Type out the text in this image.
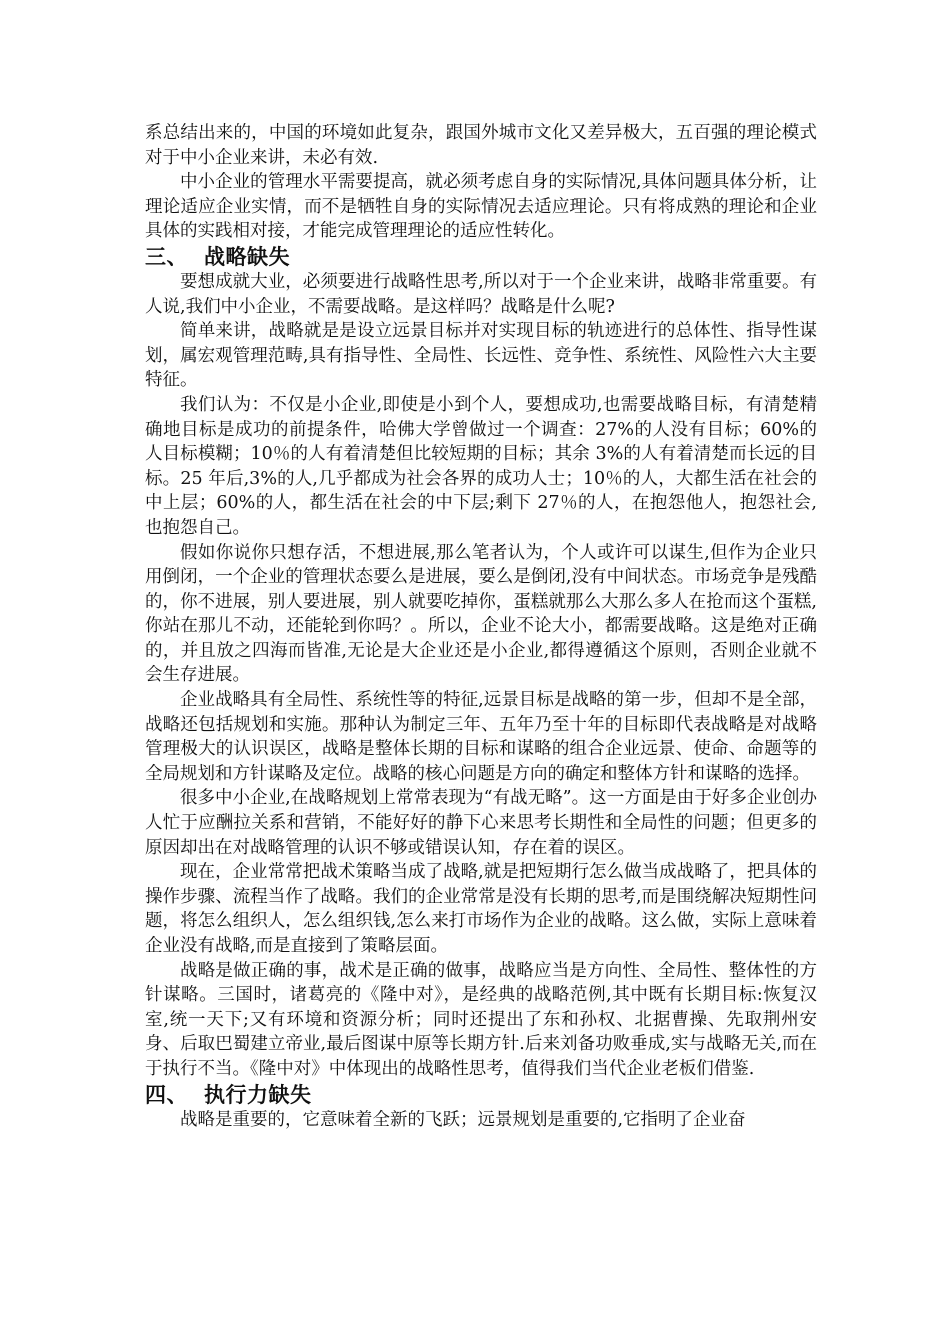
系总结出来的，中国的环境如此复杂，跟国外城市文化又差异极大，五百强的理论模式对于中小企业来讲，未必有效.

中小企业的管理水平需要提高，就必须考虑自身的实际情况,具体问题具体分析，让理论适应企业实情，而不是牺牲自身的实际情况去适应理论。只有将成熟的理论和企业具体的实践相对接，才能完成管理理论的适应性转化。

三、 战略缺失

要想成就大业，必须要进行战略性思考,所以对于一个企业来讲，战略非常重要。有人说,我们中小企业，不需要战略。是这样吗？战略是什么呢?

简单来讲，战略就是是设立远景目标并对实现目标的轨迹进行的总体性、指导性谋划，属宏观管理范畴,具有指导性、全局性、长远性、竞争性、系统性、风险性六大主要特征。

我们认为：不仅是小企业,即使是小到个人，要想成功,也需要战略目标，有清楚精确地目标是成功的前提条件，哈佛大学曾做过一个调查：27%的人没有目标；60%的人目标模糊；10％的人有着清楚但比较短期的目标；其余 3%的人有着清楚而长远的目标。25 年后,3%的人,几乎都成为社会各界的成功人士；10％的人，大都生活在社会的中上层；60%的人，都生活在社会的中下层;剩下 27％的人，在抱怨他人，抱怨社会,也抱怨自己。

假如你说你只想存活，不想进展,那么笔者认为，个人或许可以谋生,但作为企业只用倒闭，一个企业的管理状态要么是进展，要么是倒闭,没有中间状态。市场竞争是残酷的，你不进展，别人要进展，别人就要吃掉你，蛋糕就那么大那么多人在抢而这个蛋糕,你站在那儿不动，还能轮到你吗？。所以，企业不论大小，都需要战略。这是绝对正确的，并且放之四海而皆准,无论是大企业还是小企业,都得遵循这个原则，否则企业就不会生存进展。

企业战略具有全局性、系统性等的特征,远景目标是战略的第一步，但却不是全部，战略还包括规划和实施。那种认为制定三年、五年乃至十年的目标即代表战略是对战略管理极大的认识误区，战略是整体长期的目标和谋略的组合企业远景、使命、命题等的全局规划和方针谋略及定位。战略的核心问题是方向的确定和整体方针和谋略的选择。

很多中小企业,在战略规划上常常表现为“有战无略”。这一方面是由于好多企业创办人忙于应酬拉关系和营销，不能好好的静下心来思考长期性和全局性的问题；但更多的原因却出在对战略管理的认识不够或错误认知，存在着的误区。

现在，企业常常把战术策略当成了战略,就是把短期行怎么做当成战略了，把具体的操作步骤、流程当作了战略。我们的企业常常是没有长期的思考,而是围绕解决短期性问题，将怎么组织人，怎么组织钱,怎么来打市场作为企业的战略。这么做，实际上意味着企业没有战略,而是直接到了策略层面。

战略是做正确的事，战术是正确的做事，战略应当是方向性、全局性、整体性的方针谋略。三国时，诸葛亮的《隆中对》，是经典的战略范例,其中既有长期目标:恢复汉室,统一天下;又有环境和资源分析；同时还提出了东和孙权、北据曹操、先取荆州安身、后取巴蜀建立帝业,最后图谋中原等长期方针.后来刘备功败垂成,实与战略无关,而在于执行不当。《隆中对》中体现出的战略性思考，值得我们当代企业老板们借鉴.

四、 执行力缺失

战略是重要的，它意味着全新的飞跃；远景规划是重要的,它指明了企业奋
